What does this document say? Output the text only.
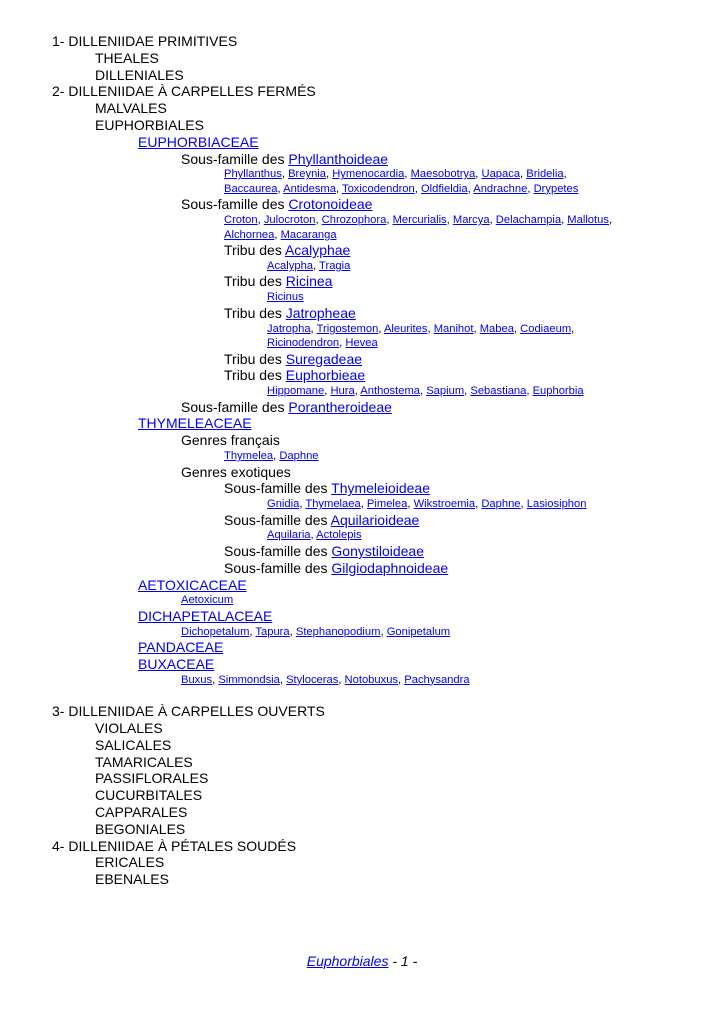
1- DILLENIIDAE PRIMITIVES
THEALES
DILLENIALES
2- DILLENIIDAE À CARPELLES FERMÉS
MALVALES
EUPHORBIALES
EUPHORBIACEAE
Sous-famille des Phyllanthoideae
Phyllanthus, Breynia, Hymenocardia, Maesobotrya, Uapaca, Bridelia,
Baccaurea, Antidesma, Toxicodendron, Oldfieldia, Andrachne, Drypetes
Sous-famille des Crotonoideae
Croton, Julocroton, Chrozophora, Mercurialis, Marcya, Delachampia, Mallotus,
Alchornea, Macaranga
Tribu des Acalyphae
Acalypha, Tragia
Tribu des Ricinea
Ricinus
Tribu des Jatropheae
Jatropha, Trigostemon, Aleurites, Manihot, Mabea, Codiaeum,
Ricinodendron, Hevea
Tribu des Suregadeae
Tribu des Euphorbieae
Hippomane, Hura, Anthostema, Sapium, Sebastiana, Euphorbia
Sous-famille des Porantheroideae
THYMELEACEAE
Genres français
Thymelea, Daphne
Genres exotiques
Sous-famille des Thymeleioideae
Gnidia, Thymelaea, Pimelea, Wikstroemia, Daphne, Lasiosiphon
Sous-famille des Aquilarioideae
Aquilaria, Actolepis
Sous-famille des Gonystiloideae
Sous-famille des Gilgiodaphnoideae
AETOXICACEAE
Aetoxicum
DICHAPETALACEAE
Dichopetalum, Tapura, Stephanopodium, Gonipetalum
PANDACEAE
BUXACEAE
Buxus, Simmondsia, Styloceras, Notobuxus, Pachysandra
3- DILLENIIDAE À CARPELLES OUVERTS
VIOLALES
SALICALES
TAMARICALES
PASSIFLORALES
CUCURBITALES
CAPPARALES
BEGONIALES
4- DILLENIIDAE À PÉTALES SOUDÉS
ERICALES
EBENALES
Euphorbiales - 1 -
